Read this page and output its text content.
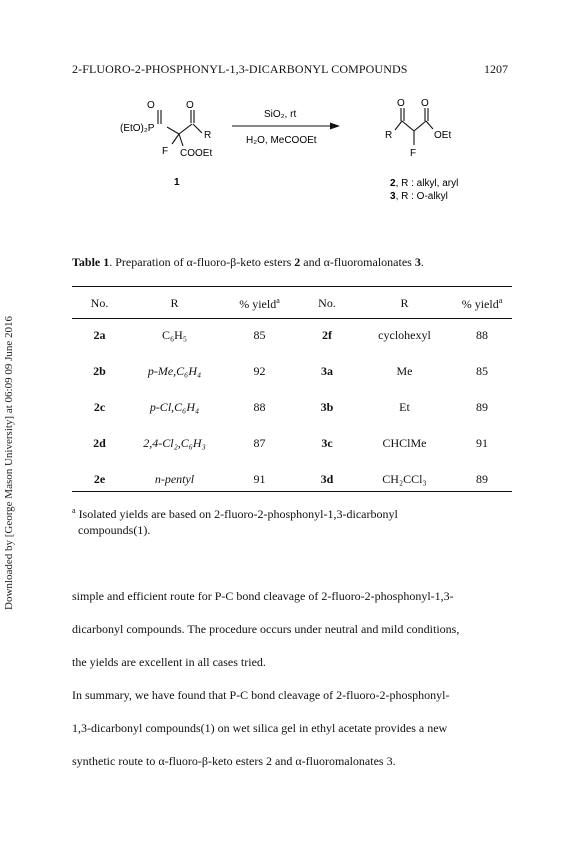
2-FLUORO-2-PHOSPHONYL-1,3-DICARBONYL COMPOUNDS	1207
Downloaded by [George Mason University] at 06:09 09 June 2016
O	O
(EtO)₂P
R
F COOEt
1
SiO₂, rt
H₂O, MeCOOEt
O O
R	OEt
F
2, R : alkyl, aryl
3, R : O-alkyl
Table 1. Preparation of α-fluoro-β-keto esters 2 and α-fluoromalonates 3.
No.	R	% yield$^a$	No.	R	% yield$^a$
2a	C₆H₅	85	2f	cyclohexyl	88
2b	p-Me,C₆H₄	92	3a	Me	85
2c	p-Cl,C₆H₄	88	3b	Et	89
2d	2,4-Cl₂,C₆H₃	87	3c	CHClMe	91
2e	n-pentyl	91	3d	CH₂CCl₃	89
$^a$ Isolated yields are based on 2-fluoro-2-phosphonyl-1,3-dicarbonyl
compounds(1).
simple and efficient route for P-C bond cleavage of 2-fluoro-2-phosphonyl-1,3-
dicarbonyl compounds. The procedure occurs under neutral and mild conditions,
the yields are excellent in all cases tried.
In summary, we have found that P-C bond cleavage of 2-fluoro-2-phosphonyl-
1,3-dicarbonyl compounds(1) on wet silica gel in ethyl acetate provides a new
synthetic route to α-fluoro-β-keto esters 2 and α-fluoromalonates 3.
